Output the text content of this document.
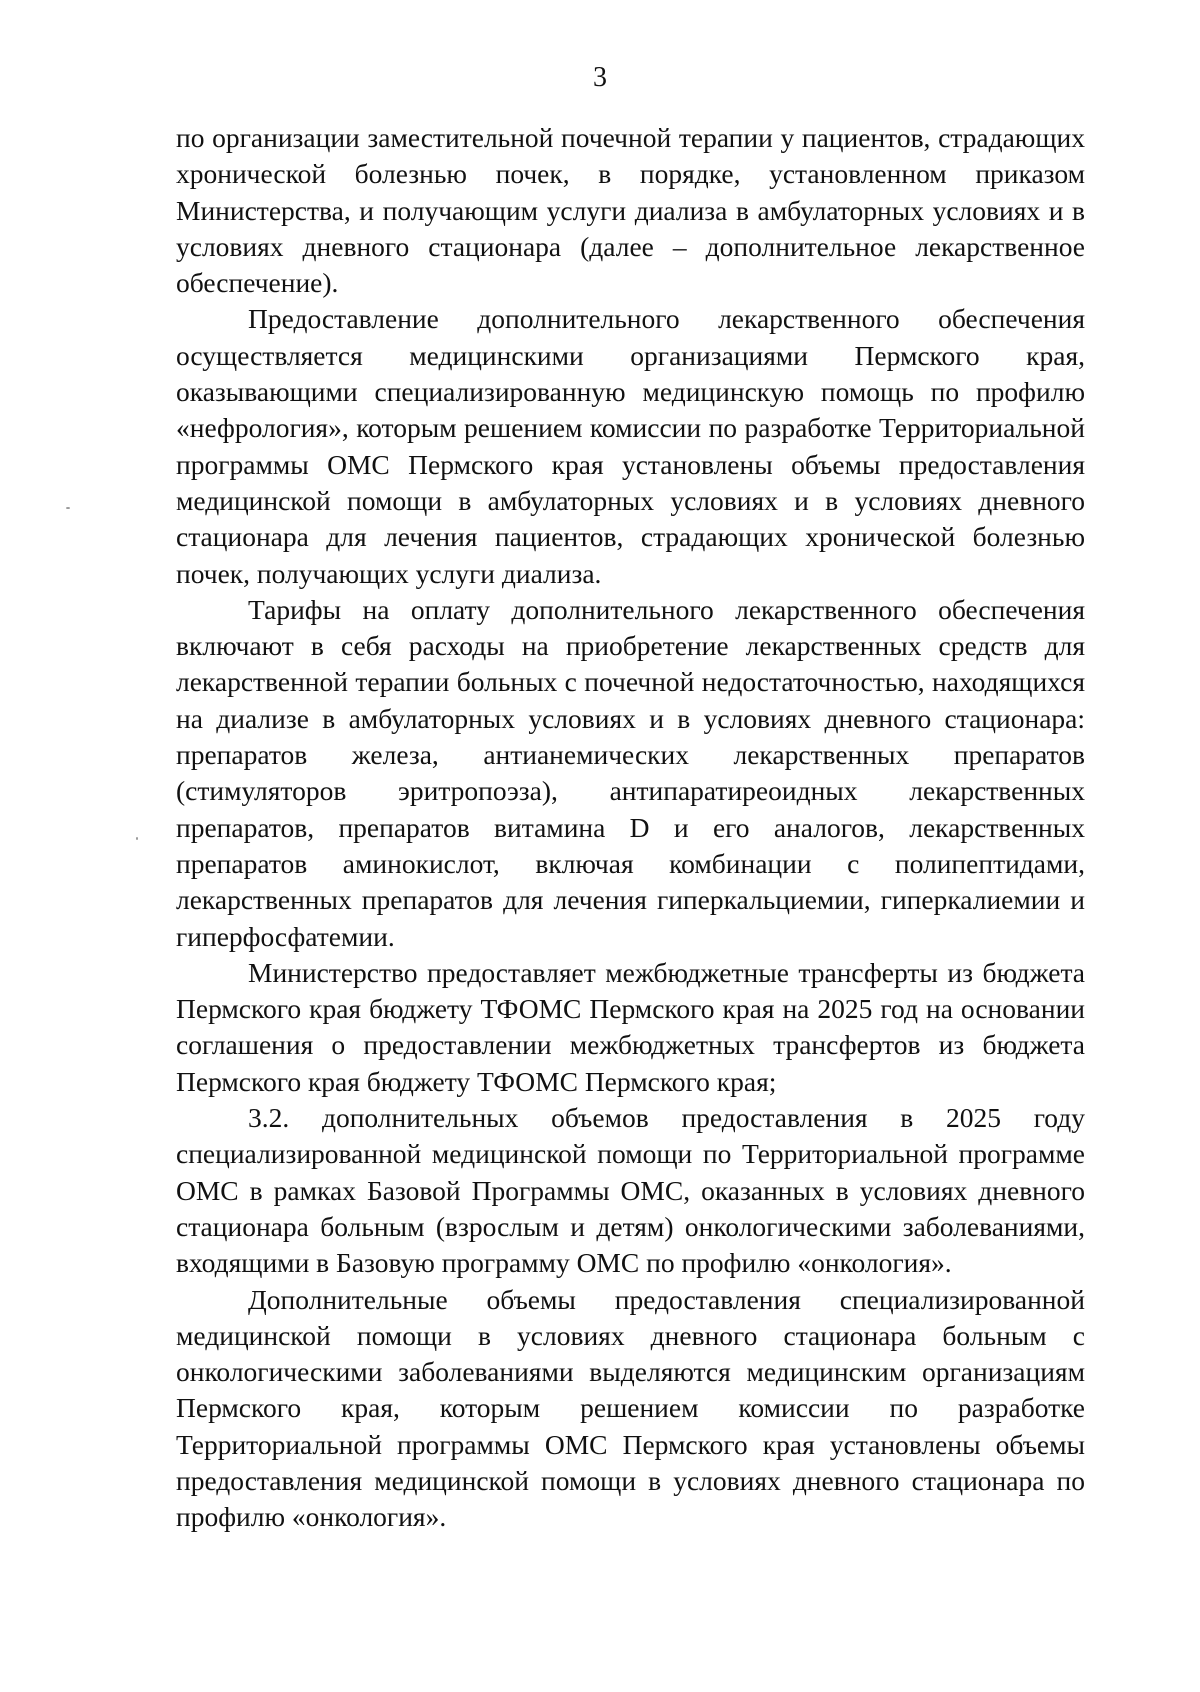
3

по организации заместительной почечной терапии у пациентов, страдающих хронической болезнью почек, в порядке, установленном приказом Министерства, и получающим услуги диализа в амбулаторных условиях и в условиях дневного стационара (далее – дополнительное лекарственное обеспечение).

Предоставление дополнительного лекарственного обеспечения осуществляется медицинскими организациями Пермского края, оказывающими специализированную медицинскую помощь по профилю «нефрология», которым решением комиссии по разработке Территориальной программы ОМС Пермского края установлены объемы предоставления медицинской помощи в амбулаторных условиях и в условиях дневного стационара для лечения пациентов, страдающих хронической болезнью почек, получающих услуги диализа.

Тарифы на оплату дополнительного лекарственного обеспечения включают в себя расходы на приобретение лекарственных средств для лекарственной терапии больных с почечной недостаточностью, находящихся на диализе в амбулаторных условиях и в условиях дневного стационара: препаратов железа, антианемических лекарственных препаратов (стимуляторов эритропоэза), антипаратиреоидных лекарственных препаратов, препаратов витамина D и его аналогов, лекарственных препаратов аминокислот, включая комбинации с полипептидами, лекарственных препаратов для лечения гиперкальциемии, гиперкалиемии и гиперфосфатемии.

Министерство предоставляет межбюджетные трансферты из бюджета Пермского края бюджету ТФОМС Пермского края на 2025 год на основании соглашения о предоставлении межбюджетных трансфертов из бюджета Пермского края бюджету ТФОМС Пермского края;

3.2. дополнительных объемов предоставления в 2025 году специализированной медицинской помощи по Территориальной программе ОМС в рамках Базовой Программы ОМС, оказанных в условиях дневного стационара больным (взрослым и детям) онкологическими заболеваниями, входящими в Базовую программу ОМС по профилю «онкология».

Дополнительные объемы предоставления специализированной медицинской помощи в условиях дневного стационара больным с онкологическими заболеваниями выделяются медицинским организациям Пермского края, которым решением комиссии по разработке Территориальной программы ОМС Пермского края установлены объемы предоставления медицинской помощи в условиях дневного стационара по профилю «онкология».
